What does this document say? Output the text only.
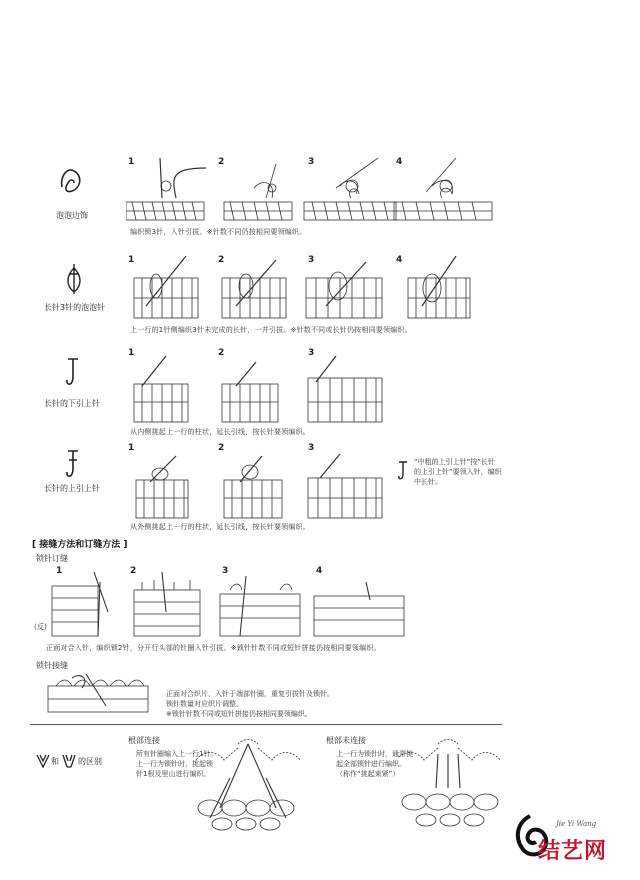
泡泡边饰
1	2	3	4
编织锁3针，入针引拔。※针数不同仍按相同要领编织。
长针3针的泡泡针
1	2	3	4
上一行的1针侧编织3针未完成的长针，一并引拔。※针数不同或长针仍按相同要领编织。
长针的下引上针
1	2	3
从内侧挑起上一行的柱状，延长引线，按长针要领编织。
长针的上引上针
1	2	3
从外侧挑起上一行的柱状，延长引线，按长针要领编织。
“中粗的上引上针”按“长针
的上引上针”要领入针，编织
中长针。
[ 接缝方法和订缝方法 ]
锁针订缝
1	2	3	4
(反)
正面对合入针，编织锁2针，分开行头部的针圈入针引拔。※锁针针数不同或短针拼接仍按相同要领编织。
锁针接缝
正面对合织片，入针于端部针圈，重复引拔针及锁针。
锁针数量对应织片调整。
※锁针针数不同或短针拼接仍按相同要领编织。
和 的区别
根部连接
所有针圈编入上一行1针。
上一行为锁针时，挑起锁
针1根及里山进行编织。
根部未连接
上一行为锁针时，通常挑
起全部锁针进行编织。
（称作“挑起束紧”）
Jie Yi Wang
结艺网
